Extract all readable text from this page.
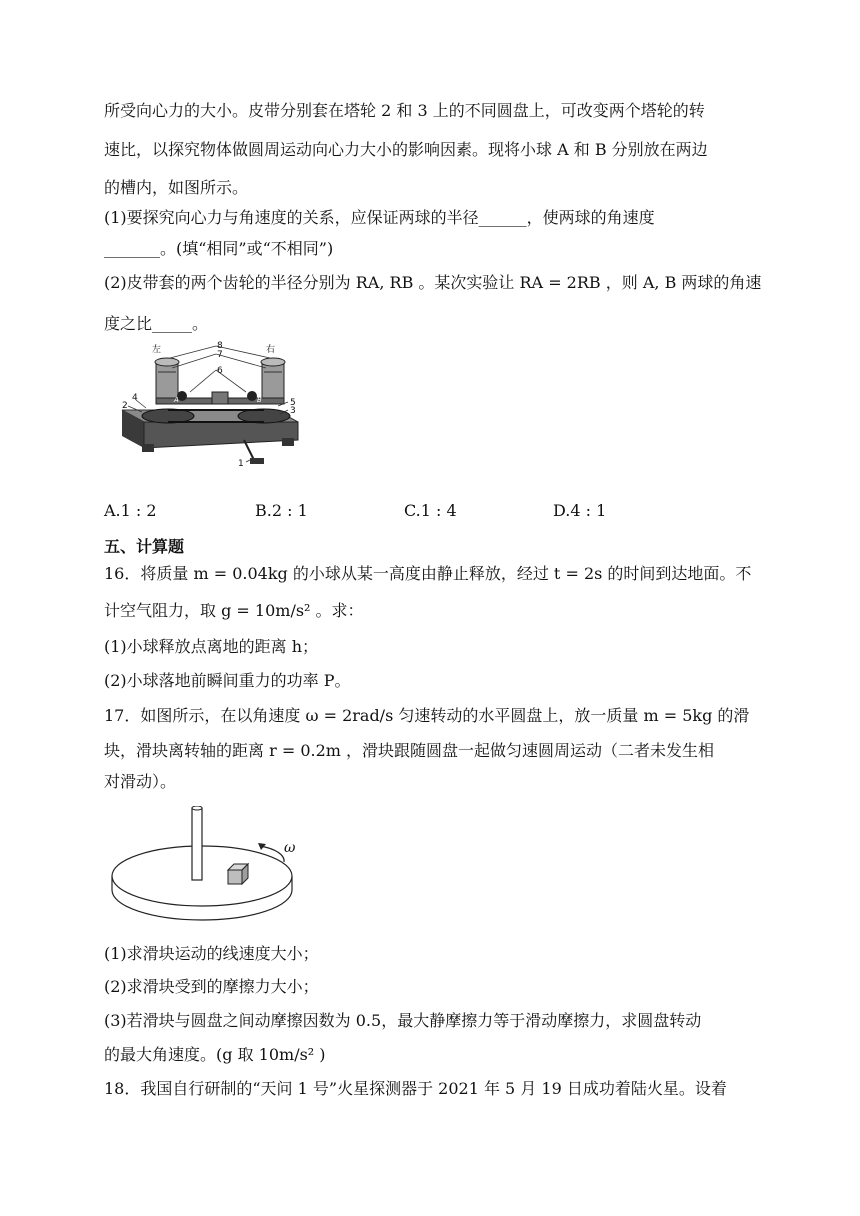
所受向心力的大小。皮带分别套在塔轮 2 和 3 上的不同圆盘上，可改变两个塔轮的转
速比，以探究物体做圆周运动向心力大小的影响因素。现将小球 A 和 B 分别放在两边
的槽内，如图所示。
(1)要探究向心力与角速度的关系，应保证两球的半径______，使两球的角速度
_______。(填“相同”或“不相同”)
(2)皮带套的两个齿轮的半径分别为 RA, RB 。某次实验让 RA = 2RB ，则 A, B 两球的角速
度之比_____。
左	右
8
7
6
5
3
4
2
1
A	B
A.1 : 2	B.2 : 1	C.1 : 4	D.4 : 1
五、计算题
16．将质量 m = 0.04kg 的小球从某一高度由静止释放，经过 t = 2s 的时间到达地面。不
计空气阻力，取 g = 10m/s² 。求：
(1)小球释放点离地的距离 h；
(2)小球落地前瞬间重力的功率 P。
17．如图所示，在以角速度 ω = 2rad/s 匀速转动的水平圆盘上，放一质量 m = 5kg 的滑
块，滑块离转轴的距离 r = 0.2m ，滑块跟随圆盘一起做匀速圆周运动（二者未发生相
对滑动）。
ω
(1)求滑块运动的线速度大小；
(2)求滑块受到的摩擦力大小；
(3)若滑块与圆盘之间动摩擦因数为 0.5，最大静摩擦力等于滑动摩擦力，求圆盘转动
的最大角速度。(g 取 10m/s² )
18．我国自行研制的“天问 1 号”火星探测器于 2021 年 5 月 19 日成功着陆火星。设着
